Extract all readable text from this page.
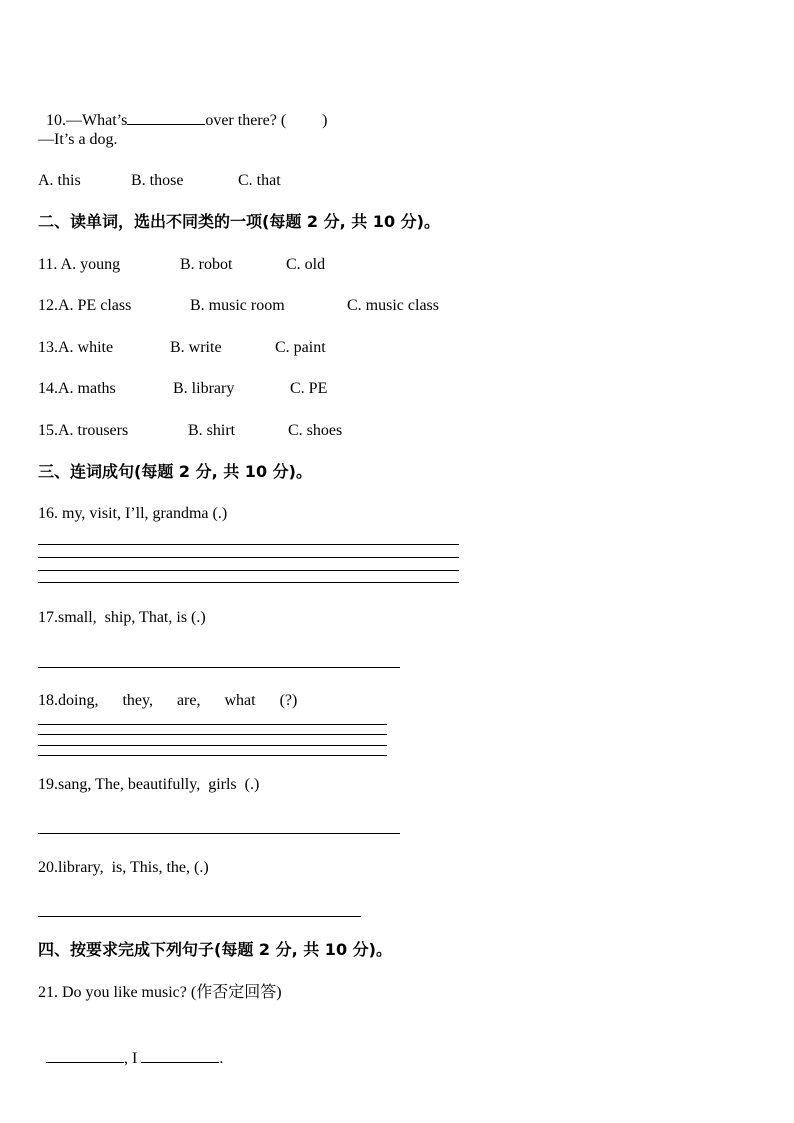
10.—What’s	over there? ( )

—It’s a dog.
A. this	B. those	C. that
二、读单词，选出不同类的一项(每题 2 分, 共 10 分)。
11. A. young	B. robot	C. old
12.A. PE class	B. music room	C. music class
13.A. white	B. write	C. paint
14.A. maths	B. library	C. PE
15.A. trousers	B. shirt	C. shoes
三、连词成句(每题 2 分, 共 10 分)。
16. my, visit, I’ll, grandma (.)
17.small,  ship, That, is (.)
18.doing,      they,      are,      what      (?)
19.sang, The, beautifully,  girls  (.)
20.library,  is, This, the, (.)
四、按要求完成下列句子(每题 2 分, 共 10 分)。
21. Do you like music? (作否定回答)

, I	.
